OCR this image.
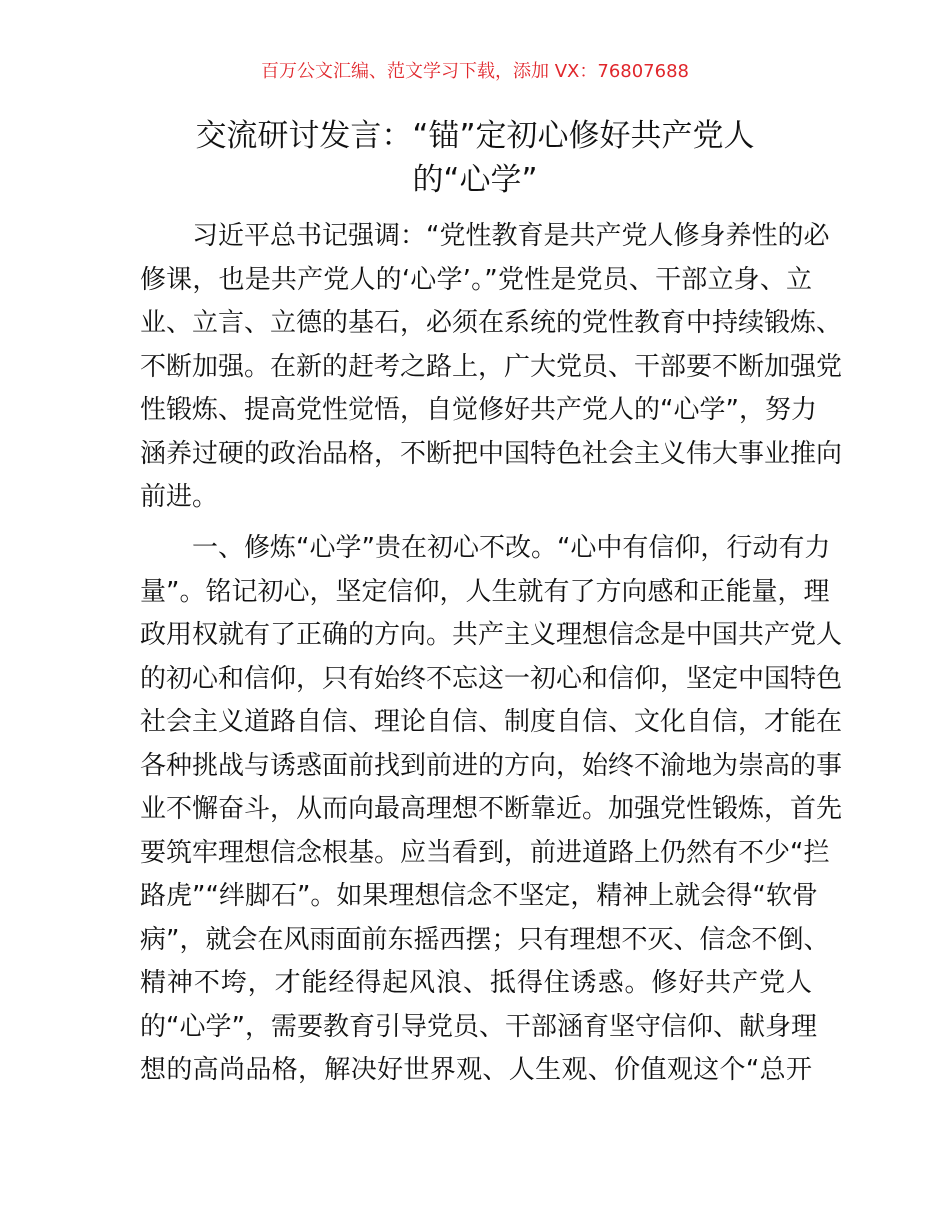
百万公文汇编、范文学习下载，添加 VX：76807688
交流研讨发言：“锚”定初心修好共产党人
的“心学”
习近平总书记强调：“党性教育是共产党人修身养性的必
修课，也是共产党人的‘心学’。”党性是党员、干部立身、立
业、立言、立德的基石，必须在系统的党性教育中持续锻炼、
不断加强。在新的赶考之路上，广大党员、干部要不断加强党
性锻炼、提高党性觉悟，自觉修好共产党人的“心学”，努力
涵养过硬的政治品格，不断把中国特色社会主义伟大事业推向
前进。
一、修炼“心学”贵在初心不改。“心中有信仰，行动有力
量”。铭记初心，坚定信仰，人生就有了方向感和正能量，理
政用权就有了正确的方向。共产主义理想信念是中国共产党人
的初心和信仰，只有始终不忘这一初心和信仰，坚定中国特色
社会主义道路自信、理论自信、制度自信、文化自信，才能在
各种挑战与诱惑面前找到前进的方向，始终不渝地为崇高的事
业不懈奋斗，从而向最高理想不断靠近。加强党性锻炼，首先
要筑牢理想信念根基。应当看到，前进道路上仍然有不少“拦
路虎”“绊脚石”。如果理想信念不坚定，精神上就会得“软骨
病”，就会在风雨面前东摇西摆；只有理想不灭、信念不倒、
精神不垮，才能经得起风浪、抵得住诱惑。修好共产党人
的“心学”，需要教育引导党员、干部涵育坚守信仰、献身理
想的高尚品格，解决好世界观、人生观、价值观这个“总开
